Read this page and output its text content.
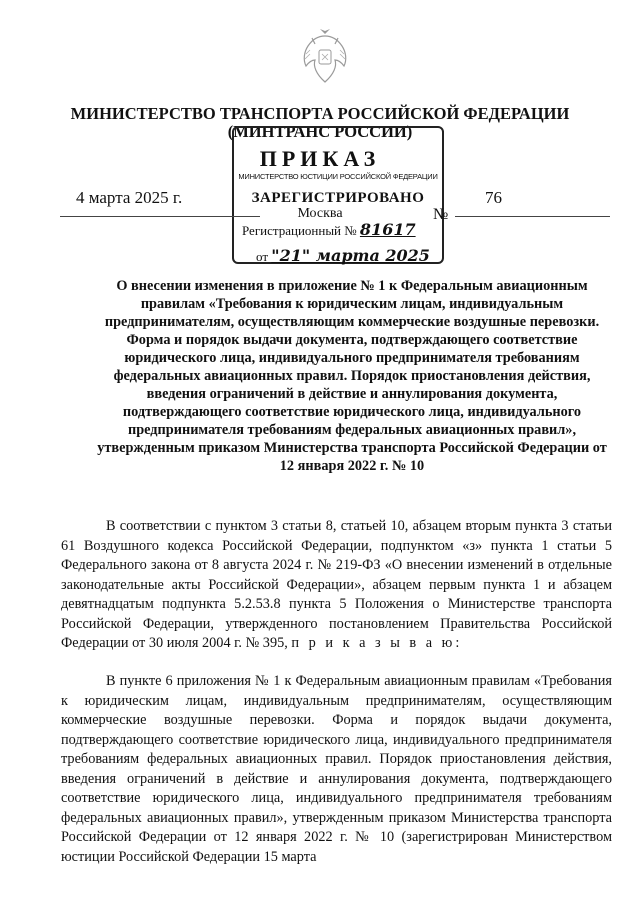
МИНИСТЕРСТВО ТРАНСПОРТА РОССИЙСКОЙ ФЕДЕРАЦИИ
(МИНТРАНС РОССИИ)
МИНИСТЕРСТВО ЮСТИЦИИ РОССИЙСКОЙ ФЕДЕРАЦИИ
ЗАРЕГИСТРИРОВАНО
Регистрационный № 81617
от "21" марта 2025
ПРИКАЗ
4 марта 2025 г.
Москва	№
76
О внесении изменения в приложение № 1 к Федеральным авиационным правилам «Требования к юридическим лицам, индивидуальным предпринимателям, осуществляющим коммерческие воздушные перевозки. Форма и порядок выдачи документа, подтверждающего соответствие юридического лица, индивидуального предпринимателя требованиям федеральных авиационных правил. Порядок приостановления действия, введения ограничений в действие и аннулирования документа, подтверждающего соответствие юридического лица, индивидуального предпринимателя требованиям федеральных авиационных правил», утвержденным приказом Министерства транспорта Российской Федерации от 12 января 2022 г. № 10

В соответствии с пунктом 3 статьи 8, статьей 10, абзацем вторым пункта 3 статьи 61 Воздушного кодекса Российской Федерации, подпунктом «з» пункта 1 статьи 5 Федерального закона от 8 августа 2024 г. № 219-ФЗ «О внесении изменений в отдельные законодательные акты Российской Федерации», абзацем первым пункта 1 и абзацем девятнадцатым подпункта 5.2.53.8 пункта 5 Положения о Министерстве транспорта Российской Федерации, утвержденного постановлением Правительства Российской Федерации от 30 июля 2004 г. № 395, п р и к а з ы в а ю:

В пункте 6 приложения № 1 к Федеральным авиационным правилам «Требования к юридическим лицам, индивидуальным предпринимателям, осуществляющим коммерческие воздушные перевозки. Форма и порядок выдачи документа, подтверждающего соответствие юридического лица, индивидуального предпринимателя требованиям федеральных авиационных правил. Порядок приостановления действия, введения ограничений в действие и аннулирования документа, подтверждающего соответствие юридического лица, индивидуального предпринимателя требованиям федеральных авиационных правил», утвержденным приказом Министерства транспорта Российской Федерации от 12 января 2022 г. № 10 (зарегистрирован Министерством юстиции Российской Федерации 15 марта
